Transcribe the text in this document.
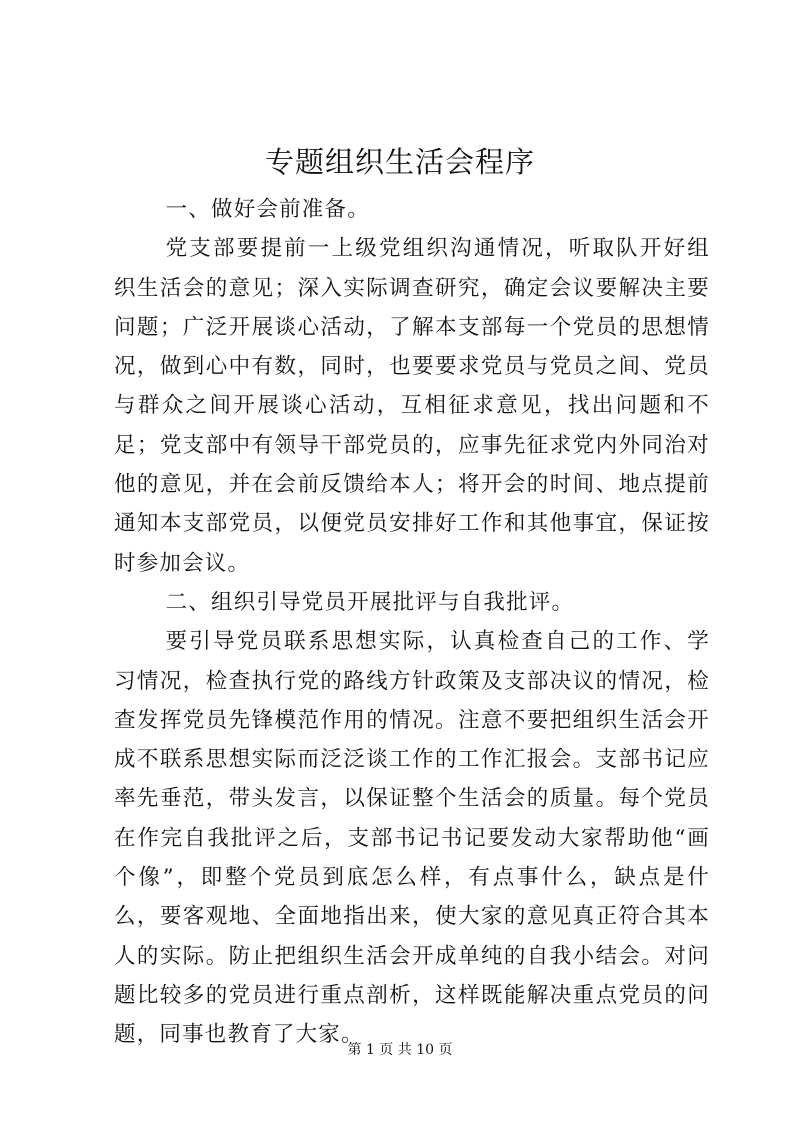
专题组织生活会程序

一、做好会前准备。

党支部要提前一上级党组织沟通情况，听取队开好组织生活会的意见；深入实际调查研究，确定会议要解决主要问题；广泛开展谈心活动，了解本支部每一个党员的思想情况，做到心中有数，同时，也要要求党员与党员之间、党员与群众之间开展谈心活动，互相征求意见，找出问题和不足；党支部中有领导干部党员的，应事先征求党内外同治对他的意见，并在会前反馈给本人；将开会的时间、地点提前通知本支部党员，以便党员安排好工作和其他事宜，保证按时参加会议。

二、组织引导党员开展批评与自我批评。

要引导党员联系思想实际，认真检查自己的工作、学习情况，检查执行党的路线方针政策及支部决议的情况，检查发挥党员先锋模范作用的情况。注意不要把组织生活会开成不联系思想实际而泛泛谈工作的工作汇报会。支部书记应率先垂范，带头发言，以保证整个生活会的质量。每个党员在作完自我批评之后，支部书记书记要发动大家帮助他“画个像”，即整个党员到底怎么样，有点事什么，缺点是什么，要客观地、全面地指出来，使大家的意见真正符合其本人的实际。防止把组织生活会开成单纯的自我小结会。对问题比较多的党员进行重点剖析，这样既能解决重点党员的问题，同事也教育了大家。

第 1 页 共 10 页
